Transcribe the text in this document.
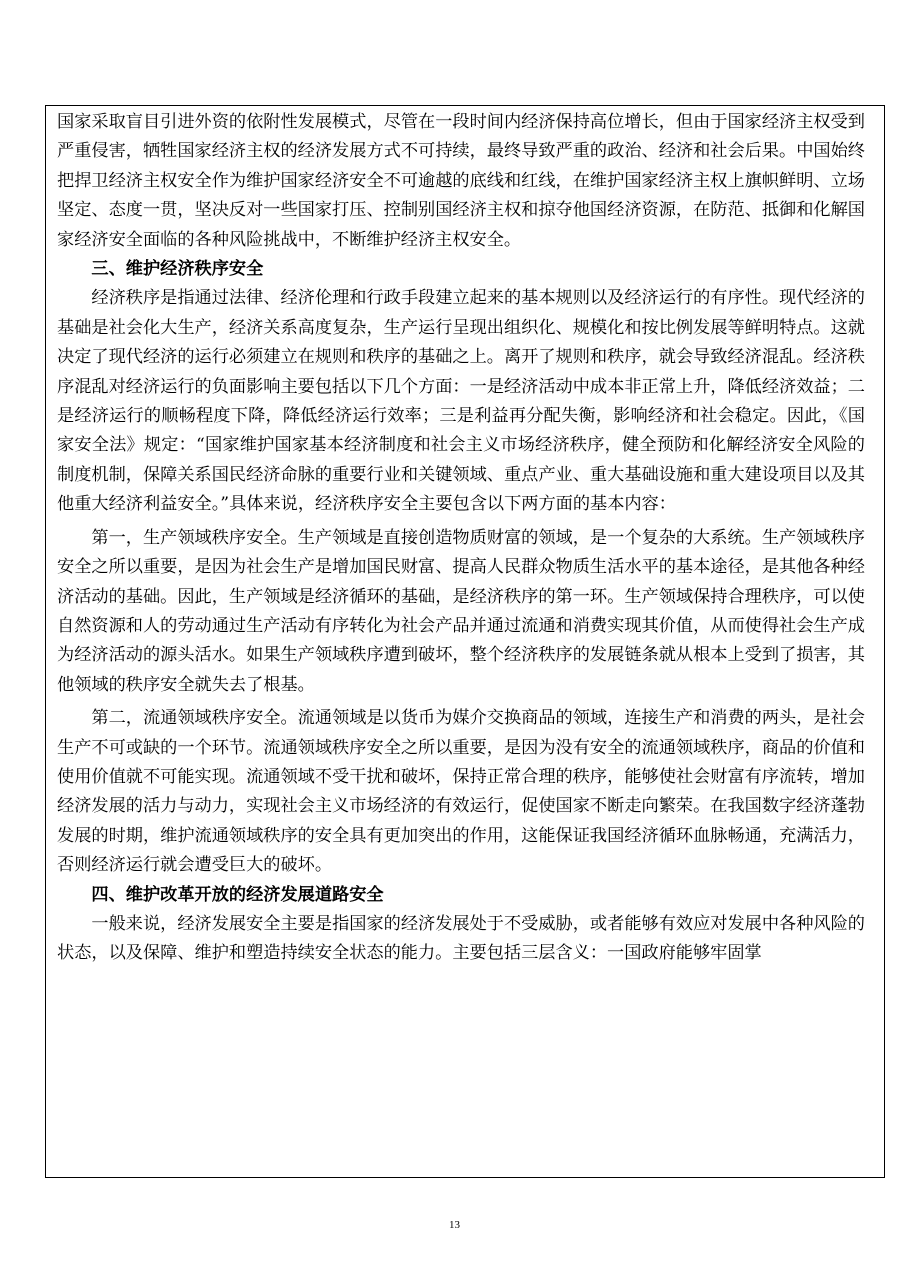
国家采取盲目引进外资的依附性发展模式，尽管在一段时间内经济保持高位增长，但由于国家经济主权受到严重侵害，牺牲国家经济主权的经济发展方式不可持续，最终导致严重的政治、经济和社会后果。中国始终把捍卫经济主权安全作为维护国家经济安全不可逾越的底线和红线，在维护国家经济主权上旗帜鲜明、立场坚定、态度一贯，坚决反对一些国家打压、控制别国经济主权和掠夺他国经济资源，在防范、抵御和化解国家经济安全面临的各种风险挑战中，不断维护经济主权安全。

三、维护经济秩序安全

经济秩序是指通过法律、经济伦理和行政手段建立起来的基本规则以及经济运行的有序性。现代经济的基础是社会化大生产，经济关系高度复杂，生产运行呈现出组织化、规模化和按比例发展等鲜明特点。这就决定了现代经济的运行必须建立在规则和秩序的基础之上。离开了规则和秩序，就会导致经济混乱。经济秩序混乱对经济运行的负面影响主要包括以下几个方面：一是经济活动中成本非正常上升，降低经济效益；二是经济运行的顺畅程度下降，降低经济运行效率；三是利益再分配失衡，影响经济和社会稳定。因此，《国家安全法》规定：“国家维护国家基本经济制度和社会主义市场经济秩序，健全预防和化解经济安全风险的制度机制，保障关系国民经济命脉的重要行业和关键领域、重点产业、重大基础设施和重大建设项目以及其他重大经济利益安全。”具体来说，经济秩序安全主要包含以下两方面的基本内容：

第一，生产领域秩序安全。生产领域是直接创造物质财富的领域，是一个复杂的大系统。生产领域秩序安全之所以重要，是因为社会生产是增加国民财富、提高人民群众物质生活水平的基本途径，是其他各种经济活动的基础。因此，生产领域是经济循环的基础，是经济秩序的第一环。生产领域保持合理秩序，可以使自然资源和人的劳动通过生产活动有序转化为社会产品并通过流通和消费实现其价值，从而使得社会生产成为经济活动的源头活水。如果生产领域秩序遭到破坏，整个经济秩序的发展链条就从根本上受到了损害，其他领域的秩序安全就失去了根基。

第二，流通领域秩序安全。流通领域是以货币为媒介交换商品的领域，连接生产和消费的两头，是社会生产不可或缺的一个环节。流通领域秩序安全之所以重要，是因为没有安全的流通领域秩序，商品的价值和使用价值就不可能实现。流通领域不受干扰和破坏，保持正常合理的秩序，能够使社会财富有序流转，增加经济发展的活力与动力，实现社会主义市场经济的有效运行，促使国家不断走向繁荣。在我国数字经济蓬勃发展的时期，维护流通领域秩序的安全具有更加突出的作用，这能保证我国经济循环血脉畅通，充满活力，否则经济运行就会遭受巨大的破坏。

四、维护改革开放的经济发展道路安全

一般来说，经济发展安全主要是指国家的经济发展处于不受威胁，或者能够有效应对发展中各种风险的状态，以及保障、维护和塑造持续安全状态的能力。主要包括三层含义：一国政府能够牢固掌

13
